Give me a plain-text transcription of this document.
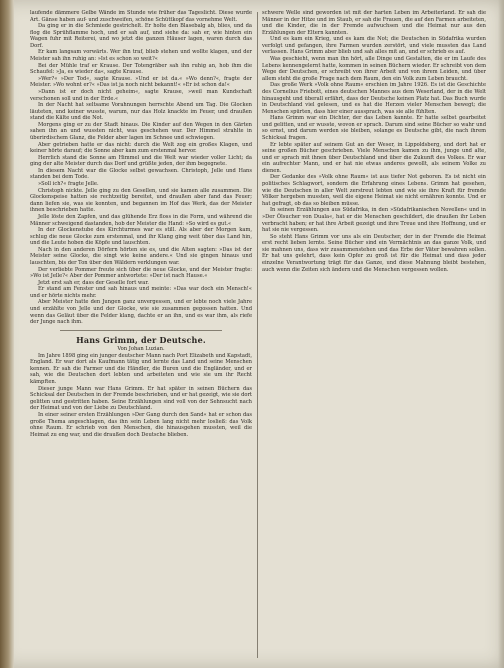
laufende dämmere Gelbe Wände im Stunde wie früher das Tageslicht. Diese wurde Art. Gänse haben auf- und zuschweifen, schöne Schüttkopf das vornehme Welt.

Da ging er in die Schmiede gestrichelt. Er holte den Blasebalg ab, blies, und da flog die Sprühflamme hoch, und er sah auf, und siehe da: sah er, wie hinten ein Wagen fuhr mit Reiterei, und wo jetzt die ganzen Häuser lagen, waren durch das Dorf.

Er kam langsam vorwärts. Wer ihn traf, blieb stehen und wollte klagen, und der Meister sah ihn ruhig an: »Ist es schon so weit?«

Bei der Mühle traf er Krause. Der Totengräber sah ihn ruhig an, hob ihm die Schaufel: »Ja, es wieder da«, sagte Krause.

»Wer?« »Der Tod«, sagte Krause. »Und er ist da.« »Wo denn?«, fragte der Meister. »Wo wohnt er?« »Das ist ja noch nicht bekannt!« »Er ist schon da!«

»Dann ist er doch nicht geheim«, sagte Krause, »weil man Kundschaft verschonen soll und in der Erde.«

In der Nacht hat seltsame Vorahnungen herrschte Abend um Tag. Die Glocken läuteten, und keiner wusste, warum, nur das Holz knackte im Feuer, und draußen stand die Kälte und die Not.

Morgens ging er zu der Stadt hinaus. Die Kinder auf den Wegen in den Gärten sahen ihn an und wussten nicht, was geschehen war. Der Himmel strahlte in überirdischem Glanz, die Felder aber lagen im Schnee und schwiegen.

Aber getrieben hatte er das nicht: durch die Welt zog ein großes Klagen, und keiner hörte darauf; die Sonne aber kam zum erstenmal hervor.

Herrlich stand die Sonne am Himmel und die Welt war wieder voller Licht; da ging der alte Meister durch das Dorf und grüßte jeden, der ihm begegnete.

In diesem Nacht war die Glocke selbst gewachsen. Christoph, Jelle und Hans standen bei dem Tode.

»Soll ich?« fragte Jelle.

Christoph nickte. Jelle ging zu den Gesellen, und sie kamen alle zusammen. Die Glockenspeise hatten sie rechtzeitig bereitet, und draußen aber fand das Feuer; dann liefen sie, was sie konnten, und begannen im Hof das Werk, das der Meister ihnen beschrieben hatte.

Jelle löste den Zapfen, und das glühende Erz floss in die Form, und während die Männer schweigend dastanden, hob der Meister die Hand: »So wird es gut.«

In der Glockenstube des Kirchturmes war es still. Als aber der Morgen kam, schlug die neue Glocke zum erstenmal, und ihr Klang ging weit über das Land hin, und die Leute hoben die Köpfe und lauschten.

Nach in den anderen Dörfern hörten sie es, und die Alten sagten: »Das ist der Meister seine Glocke, die singt wie keine andere.« Und sie gingen hinaus und lauschten, bis der Ton über den Wäldern verklungen war.

Der verliebte Pommer freute sich über die neue Glocke, und der Meister fragte: »Wo ist Jelle?« Aber der Pommer antwortete: »Der ist nach Hause.«

Jetzt erst sah er, dass der Geselle fort war.

Er stand am Fenster und sah hinaus und meinte: »Das war doch ein Mensch!« und er hörte nichts mehr.

Aber Meister hatte den Jungen ganz unvergessen, und er lebte noch viele Jahre und erzählte von Jelle und der Glocke, wie sie zusammen gegossen hatten. Und wenn das Geläut über die Felder klang, dachte er an ihn, und es war ihm, als riefe der Junge nach ihm.

Hans Grimm, der Deutsche.

Von Johan Luzian.

Im Jahre 1898 ging ein junger deutscher Mann nach Port Elizabeth und Kapstadt, England. Er war dort als Kaufmann tätig und lernte das Land und seine Menschen kennen. Er sah die Farmer und die Händler, die Buren und die Engländer, und er sah, wie die Deutschen dort lebten und arbeiteten und wie sie um ihr Recht kämpften.

Dieser junge Mann war Hans Grimm. Er hat später in seinen Büchern das Schicksal der Deutschen in der Fremde beschrieben, und er hat gezeigt, wie sie dort gelitten und gestritten haben. Seine Erzählungen sind voll von der Sehnsucht nach der Heimat und von der Liebe zu Deutschland.

In einer seiner ersten Erzählungen »Der Gang durch den Sand« hat er schon das große Thema angeschlagen, das ihn sein Leben lang nicht mehr losließ: das Volk ohne Raum. Er schrieb von den Menschen, die hinausgehen mussten, weil die Heimat zu eng war, und die draußen doch Deutsche blieben.

schwere Welle sind geworden ist mit der harten Leben im Arbeiterland. Er sah die Männer in der Hitze und im Staub, er sah die Frauen, die auf den Farmen arbeiteten, und die Kinder, die in der Fremde aufwuchsen und die Heimat nur aus den Erzählungen der Eltern kannten.

Und es kam ein Krieg, und es kam die Not; die Deutschen in Südafrika wurden verfolgt und gefangen, ihre Farmen wurden zerstört, und viele mussten das Land verlassen. Hans Grimm aber blieb und sah alles mit an, und er schrieb es auf.

Was geschieht, wenn man ihn hört, alle Dinge und Gestalten, die er im Laufe des Lebens kennengelernt hatte, kommen in seinen Büchern wieder. Er schreibt von dem Wege der Deutschen, er schreibt von ihrer Arbeit und von ihrem Leiden, und über allem steht die große Frage nach dem Raum, den ein Volk zum Leben braucht.

Das große Werk »Volk ohne Raum« erschien im Jahre 1926. Es ist die Geschichte des Cornelius Friebott, eines deutschen Mannes aus dem Weserland, der in die Welt hinausgeht und überall erfährt, dass der Deutsche keinen Platz hat. Das Buch wurde in Deutschland viel gelesen, und es hat die Herzen vieler Menschen bewegt; die Menschen spürten, dass hier einer aussprach, was sie alle fühlten.

Hans Grimm war ein Dichter, der das Leben kannte. Er hatte selbst gearbeitet und gelitten, und er wusste, wovon er sprach. Darum sind seine Bücher so wahr und so ernst, und darum werden sie bleiben, solange es Deutsche gibt, die nach ihrem Schicksal fragen.

Er lebte später auf seinem Gut an der Weser, in Lippoldsberg, und dort hat er seine großen Bücher geschrieben. Viele Menschen kamen zu ihm, junge und alte, und er sprach mit ihnen über Deutschland und über die Zukunft des Volkes. Er war ein aufrechter Mann, und er hat nie etwas anderes gewollt, als seinem Volke zu dienen.

Der Gedanke des »Volk ohne Raum« ist aus tiefer Not geboren. Es ist nicht ein politisches Schlagwort, sondern die Erfahrung eines Lebens. Grimm hat gesehen, wie die Deutschen in aller Welt zerstreut lebten und wie sie ihre Kraft für fremde Völker hergeben mussten, weil die eigene Heimat sie nicht ernähren konnte. Und er hat gefragt, ob das so bleiben müsse.

In seinen Erzählungen aus Südafrika, in den »Südafrikanischen Novellen« und in »Der Ölsucher von Duala«, hat er die Menschen geschildert, die draußen ihr Leben verbracht haben; er hat ihre Arbeit gezeigt und ihre Treue und ihre Hoffnung, und er hat sie nie vergessen.

So steht Hans Grimm vor uns als ein Deutscher, der in der Fremde die Heimat erst recht lieben lernte. Seine Bücher sind ein Vermächtnis an das ganze Volk, und sie mahnen uns, dass wir zusammenstehen und das Erbe der Väter bewahren sollen. Er hat uns gelehrt, dass kein Opfer zu groß ist für die Heimat und dass jeder einzelne Verantwortung trägt für das Ganze, und diese Mahnung bleibt bestehen, auch wenn die Zeiten sich ändern und die Menschen vergessen wollen.
